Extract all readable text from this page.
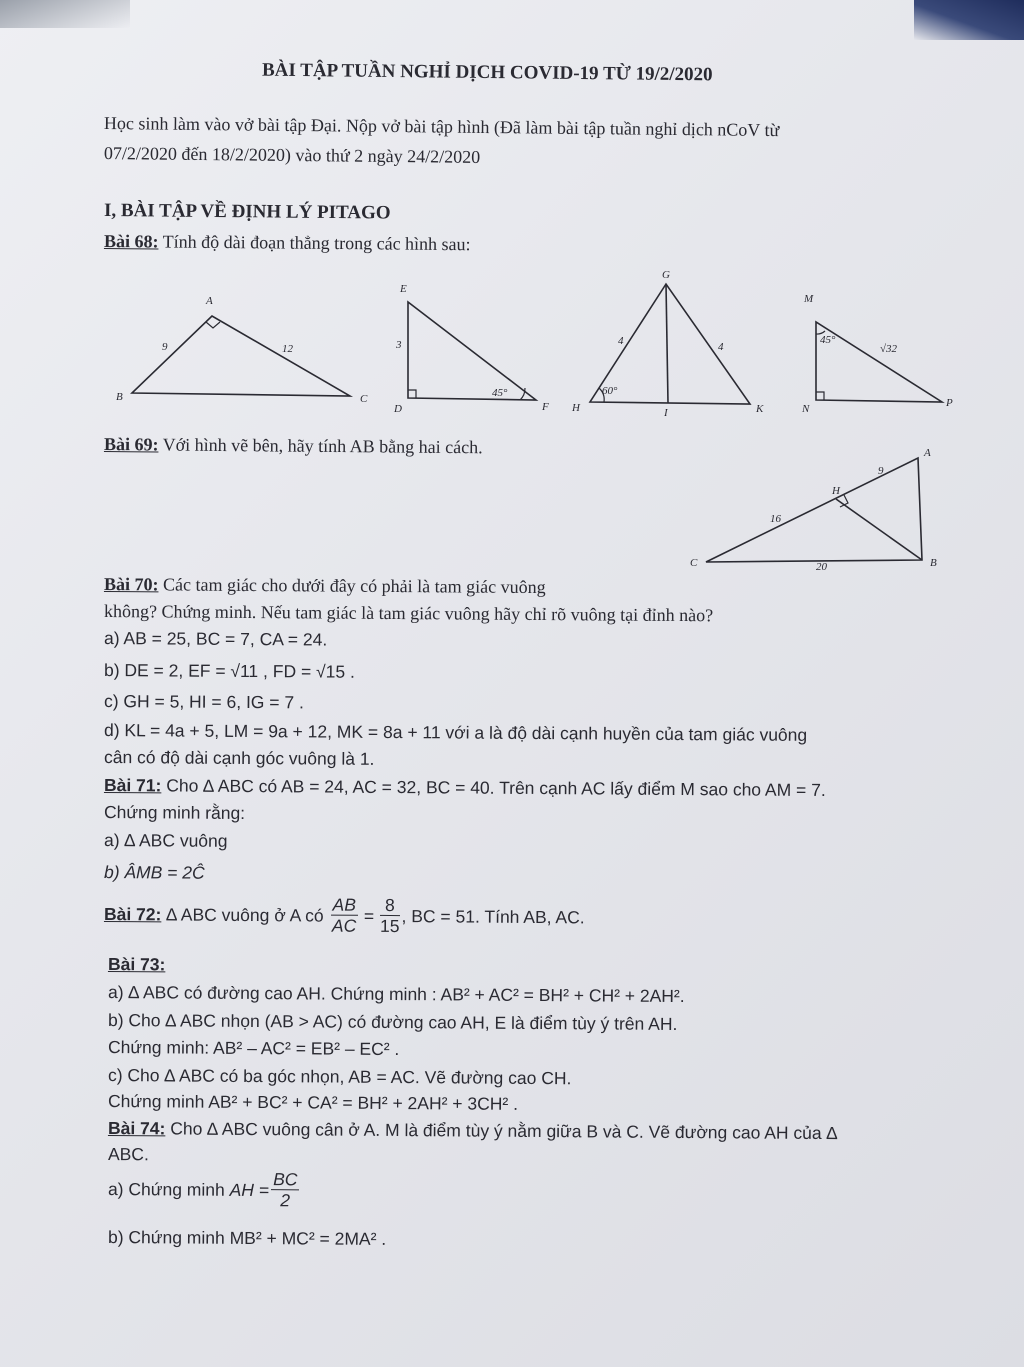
BÀI TẬP TUẦN NGHỈ DỊCH COVID-19 TỪ 19/2/2020
Học sinh làm vào vở bài tập Đại. Nộp vở bài tập hình (Đã làm bài tập tuần nghỉ dịch nCoV từ
07/2/2020 đến 18/2/2020) vào thứ 2 ngày 24/2/2020
I, BÀI TẬP VỀ ĐỊNH LÝ PITAGO
Bài 68: Tính độ dài đoạn thẳng trong các hình sau:
A
B	C
9	12
E
D	F
3
45°
G
H	I	K
4	4
60°
M
N	P
45°
√32
Bài 69: Với hình vẽ bên, hãy tính AB bằng hai cách.	A
B
C
H
9
16
20
Bài 70: Các tam giác cho dưới đây có phải là tam giác vuông
không? Chứng minh. Nếu tam giác là tam giác vuông hãy chỉ rõ vuông tại đỉnh nào?
a) AB = 25, BC = 7, CA = 24.
b) DE = 2, EF = √11 , FD = √15 .
c) GH = 5, HI = 6, IG = 7 .
d) KL = 4a + 5, LM = 9a + 12, MK = 8a + 11 với a là độ dài cạnh huyền của tam giác vuông
cân có độ dài cạnh góc vuông là 1.
Bài 71: Cho ∆ ABC có AB = 24, AC = 32, BC = 40. Trên cạnh AC lấy điểm M sao cho AM = 7.
Chứng minh rằng:
a) ∆ ABC vuông
b) ÂMB = 2Ĉ
Bài 72: ∆ ABC vuông ở A có $\frac{AB}{AC} = \frac{8}{15}$ , BC = 51. Tính AB, AC.
Bài 73:
a) ∆ ABC có đường cao AH. Chứng minh : AB² + AC² = BH² + CH² + 2AH².
b) Cho ∆ ABC nhọn (AB > AC) có đường cao AH, E là điểm tùy ý trên AH.
Chứng minh: AB² – AC² = EB² – EC² .
c) Cho ∆ ABC có ba góc nhọn, AB = AC. Vẽ đường cao CH.
Chứng minh AB² + BC² + CA² = BH² + 2AH² + 3CH² .
Bài 74: Cho ∆ ABC vuông cân ở A. M là điểm tùy ý nằm giữa B và C. Vẽ đường cao AH của ∆
ABC.
a) Chứng minh AH = $\frac{BC}{2}$
b) Chứng minh MB² + MC² = 2MA² .
